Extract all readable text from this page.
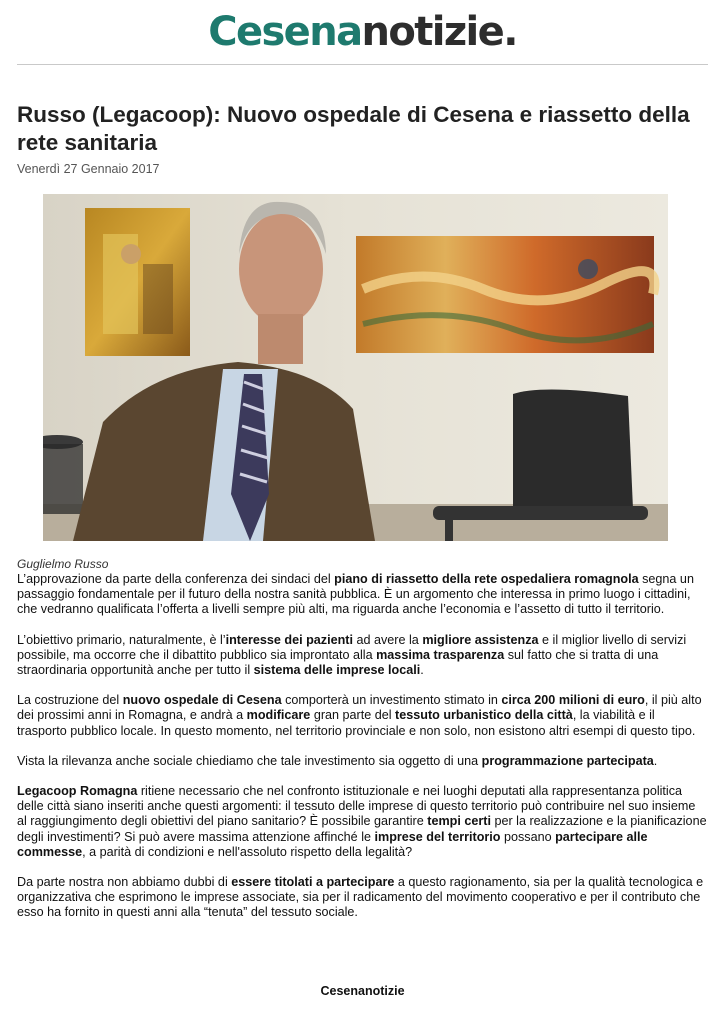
Cesenanotizie.
Russo (Legacoop): Nuovo ospedale di Cesena e riassetto della rete sanitaria
Venerdì 27 Gennaio 2017
Guglielmo Russo

L’approvazione da parte della conferenza dei sindaci del piano di riassetto della rete ospedaliera romagnola segna un passaggio fondamentale per il futuro della nostra sanità pubblica. È un argomento che interessa in primo luogo i cittadini, che vedranno qualificata l’offerta a livelli sempre più alti, ma riguarda anche l’economia e l’assetto di tutto il territorio.

L’obiettivo primario, naturalmente, è l’interesse dei pazienti ad avere la migliore assistenza e il miglior livello di servizi possibile, ma occorre che il dibattito pubblico sia improntato alla massima trasparenza sul fatto che si tratta di una straordinaria opportunità anche per tutto il sistema delle imprese locali.

La costruzione del nuovo ospedale di Cesena comporterà un investimento stimato in circa 200 milioni di euro, il più alto dei prossimi anni in Romagna, e andrà a modificare gran parte del tessuto urbanistico della città, la viabilità e il trasporto pubblico locale. In questo momento, nel territorio provinciale e non solo, non esistono altri esempi di questo tipo.

Vista la rilevanza anche sociale chiediamo che tale investimento sia oggetto di una programmazione partecipata.

Legacoop Romagna ritiene necessario che nel confronto istituzionale e nei luoghi deputati alla rappresentanza politica delle città siano inseriti anche questi argomenti: il tessuto delle imprese di questo territorio può contribuire nel suo insieme al raggiungimento degli obiettivi del piano sanitario? È possibile garantire tempi certi per la realizzazione e la pianificazione degli investimenti? Si può avere massima attenzione affinché le imprese del territorio possano partecipare alle commesse, a parità di condizioni e nell'assoluto rispetto della legalità?

Da parte nostra non abbiamo dubbi di essere titolati a partecipare a questo ragionamento, sia per la qualità tecnologica e organizzativa che esprimono le imprese associate, sia per il radicamento del movimento cooperativo e per il contributo che esso ha fornito in questi anni alla “tenuta” del tessuto sociale.

Cesenanotizie
